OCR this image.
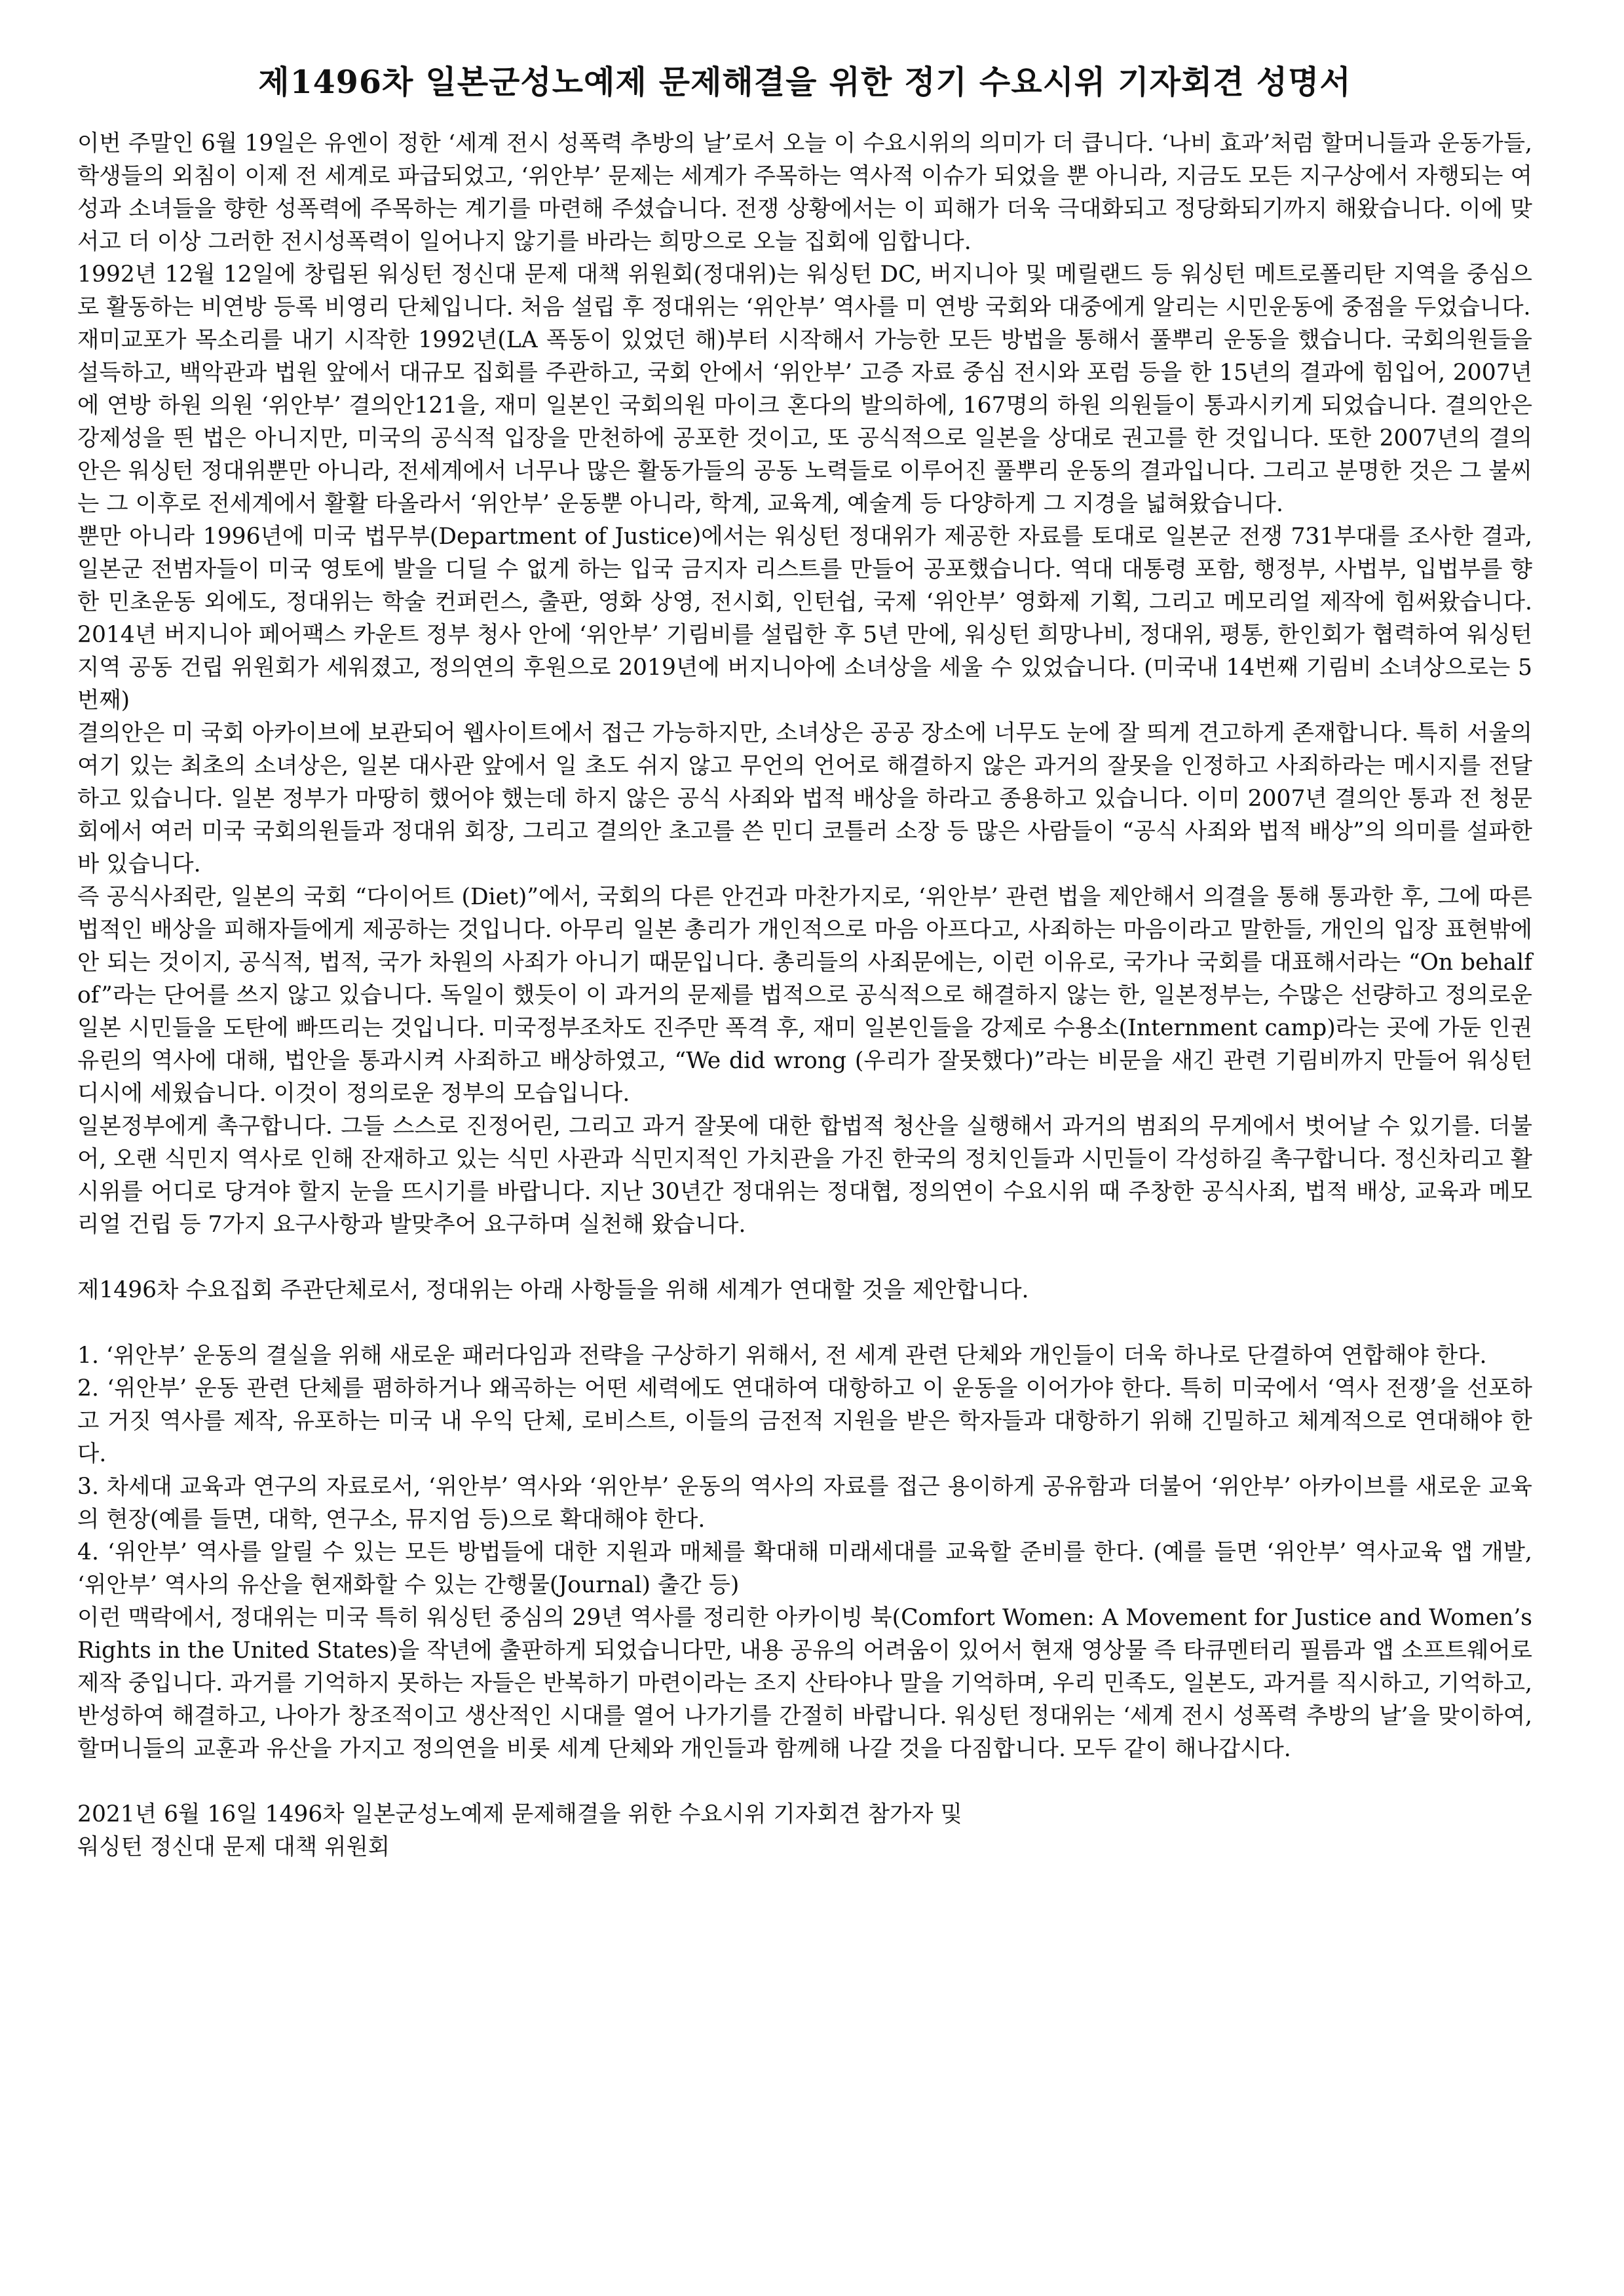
제1496차 일본군성노예제 문제해결을 위한 정기 수요시위 기자회견 성명서

이번 주말인 6월 19일은 유엔이 정한 ‘세계 전시 성폭력 추방의 날’로서 오늘 이 수요시위의 의미가 더 큽니다. ‘나비 효과’처럼 할머니들과 운동가들, 학생들의 외침이 이제 전 세계로 파급되었고, ‘위안부’ 문제는 세계가 주목하는 역사적 이슈가 되었을 뿐 아니라, 지금도 모든 지구상에서 자행되는 여성과 소녀들을 향한 성폭력에 주목하는 계기를 마련해 주셨습니다. 전쟁 상황에서는 이 피해가 더욱 극대화되고 정당화되기까지 해왔습니다. 이에 맞서고 더 이상 그러한 전시성폭력이 일어나지 않기를 바라는 희망으로 오늘 집회에 임합니다.

1992년 12월 12일에 창립된 워싱턴 정신대 문제 대책 위원회(정대위)는 워싱턴 DC, 버지니아 및 메릴랜드 등 워싱턴 메트로폴리탄 지역을 중심으로 활동하는 비연방 등록 비영리 단체입니다. 처음 설립 후 정대위는 ‘위안부’ 역사를 미 연방 국회와 대중에게 알리는 시민운동에 중점을 두었습니다.

재미교포가 목소리를 내기 시작한 1992년(LA 폭동이 있었던 해)부터 시작해서 가능한 모든 방법을 통해서 풀뿌리 운동을 했습니다. 국회의원들을 설득하고, 백악관과 법원 앞에서 대규모 집회를 주관하고, 국회 안에서 ‘위안부’ 고증 자료 중심 전시와 포럼 등을 한 15년의 결과에 힘입어, 2007년에 연방 하원 의원 ‘위안부’ 결의안121을, 재미 일본인 국회의원 마이크 혼다의 발의하에, 167명의 하원 의원들이 통과시키게 되었습니다. 결의안은 강제성을 띈 법은 아니지만, 미국의 공식적 입장을 만천하에 공포한 것이고, 또 공식적으로 일본을 상대로 권고를 한 것입니다. 또한 2007년의 결의안은 워싱턴 정대위뿐만 아니라, 전세계에서 너무나 많은 활동가들의 공동 노력들로 이루어진 풀뿌리 운동의 결과입니다. 그리고 분명한 것은 그 불씨는 그 이후로 전세계에서 활활 타올라서 ‘위안부’ 운동뿐 아니라, 학계, 교육계, 예술계 등 다양하게 그 지경을 넓혀왔습니다.

뿐만 아니라 1996년에 미국 법무부(Department of Justice)에서는 워싱턴 정대위가 제공한 자료를 토대로 일본군 전쟁 731부대를 조사한 결과, 일본군 전범자들이 미국 영토에 발을 디딜 수 없게 하는 입국 금지자 리스트를 만들어 공포했습니다. 역대 대통령 포함, 행정부, 사법부, 입법부를 향한 민초운동 외에도, 정대위는 학술 컨퍼런스, 출판, 영화 상영, 전시회, 인턴쉽, 국제 ‘위안부’ 영화제 기획, 그리고 메모리얼 제작에 힘써왔습니다. 2014년 버지니아 페어팩스 카운트 정부 청사 안에 ‘위안부’ 기림비를 설립한 후 5년 만에, 워싱턴 희망나비, 정대위, 평통, 한인회가 협력하여 워싱턴 지역 공동 건립 위원회가 세워졌고, 정의연의 후원으로 2019년에 버지니아에 소녀상을 세울 수 있었습니다. (미국내 14번째 기림비 소녀상으로는 5번째)

결의안은 미 국회 아카이브에 보관되어 웹사이트에서 접근 가능하지만, 소녀상은 공공 장소에 너무도 눈에 잘 띄게 견고하게 존재합니다. 특히 서울의 여기 있는 최초의 소녀상은, 일본 대사관 앞에서 일 초도 쉬지 않고 무언의 언어로 해결하지 않은 과거의 잘못을 인정하고 사죄하라는 메시지를 전달하고 있습니다. 일본 정부가 마땅히 했어야 했는데 하지 않은 공식 사죄와 법적 배상을 하라고 종용하고 있습니다. 이미 2007년 결의안 통과 전 청문회에서 여러 미국 국회의원들과 정대위 회장, 그리고 결의안 초고를 쓴 민디 코틀러 소장 등 많은 사람들이 “공식 사죄와 법적 배상”의 의미를 설파한 바 있습니다.

즉 공식사죄란, 일본의 국회 “다이어트 (Diet)”에서, 국회의 다른 안건과 마찬가지로, ‘위안부’ 관련 법을 제안해서 의결을 통해 통과한 후, 그에 따른 법적인 배상을 피해자들에게 제공하는 것입니다. 아무리 일본 총리가 개인적으로 마음 아프다고, 사죄하는 마음이라고 말한들, 개인의 입장 표현밖에 안 되는 것이지, 공식적, 법적, 국가 차원의 사죄가 아니기 때문입니다. 총리들의 사죄문에는, 이런 이유로, 국가나 국회를 대표해서라는 “On behalf of”라는 단어를 쓰지 않고 있습니다. 독일이 했듯이 이 과거의 문제를 법적으로 공식적으로 해결하지 않는 한, 일본정부는, 수많은 선량하고 정의로운 일본 시민들을 도탄에 빠뜨리는 것입니다. 미국정부조차도 진주만 폭격 후, 재미 일본인들을 강제로 수용소(Internment camp)라는 곳에 가둔 인권 유린의 역사에 대해, 법안을 통과시켜 사죄하고 배상하였고, “We did wrong (우리가 잘못했다)”라는 비문을 새긴 관련 기림비까지 만들어 워싱턴 디시에 세웠습니다. 이것이 정의로운 정부의 모습입니다.

일본정부에게 촉구합니다. 그들 스스로 진정어린, 그리고 과거 잘못에 대한 합법적 청산을 실행해서 과거의 범죄의 무게에서 벗어날 수 있기를. 더불어, 오랜 식민지 역사로 인해 잔재하고 있는 식민 사관과 식민지적인 가치관을 가진 한국의 정치인들과 시민들이 각성하길 촉구합니다. 정신차리고 활시위를 어디로 당겨야 할지 눈을 뜨시기를 바랍니다. 지난 30년간 정대위는 정대협, 정의연이 수요시위 때 주창한 공식사죄, 법적 배상, 교육과 메모리얼 건립 등 7가지 요구사항과 발맞추어 요구하며 실천해 왔습니다.

제1496차 수요집회 주관단체로서, 정대위는 아래 사항들을 위해 세계가 연대할 것을 제안합니다.

1. ‘위안부’ 운동의 결실을 위해 새로운 패러다임과 전략을 구상하기 위해서, 전 세계 관련 단체와 개인들이 더욱 하나로 단결하여 연합해야 한다.

2. ‘위안부’ 운동 관련 단체를 폄하하거나 왜곡하는 어떤 세력에도 연대하여 대항하고 이 운동을 이어가야 한다. 특히 미국에서 ‘역사 전쟁’을 선포하고 거짓 역사를 제작, 유포하는 미국 내 우익 단체, 로비스트, 이들의 금전적 지원을 받은 학자들과 대항하기 위해 긴밀하고 체계적으로 연대해야 한다.

3. 차세대 교육과 연구의 자료로서, ‘위안부’ 역사와 ‘위안부’ 운동의 역사의 자료를 접근 용이하게 공유함과 더불어 ‘위안부’ 아카이브를 새로운 교육의 현장(예를 들면, 대학, 연구소, 뮤지엄 등)으로 확대해야 한다.

4. ‘위안부’ 역사를 알릴 수 있는 모든 방법들에 대한 지원과 매체를 확대해 미래세대를 교육할 준비를 한다. (예를 들면 ‘위안부’ 역사교육 앱 개발, ‘위안부’ 역사의 유산을 현재화할 수 있는 간행물(Journal) 출간 등)

이런 맥락에서, 정대위는 미국 특히 워싱턴 중심의 29년 역사를 정리한 아카이빙 북(Comfort Women: A Movement for Justice and Women’s Rights in the United States)을 작년에 출판하게 되었습니다만, 내용 공유의 어려움이 있어서 현재 영상물 즉 타큐멘터리 필름과 앱 소프트웨어로 제작 중입니다. 과거를 기억하지 못하는 자들은 반복하기 마련이라는 조지 산타야나 말을 기억하며, 우리 민족도, 일본도, 과거를 직시하고, 기억하고, 반성하여 해결하고, 나아가 창조적이고 생산적인 시대를 열어 나가기를 간절히 바랍니다. 워싱턴 정대위는 ‘세계 전시 성폭력 추방의 날’을 맞이하여, 할머니들의 교훈과 유산을 가지고 정의연을 비롯 세계 단체와 개인들과 함께해 나갈 것을 다짐합니다. 모두 같이 해나갑시다.

2021년 6월 16일 1496차 일본군성노예제 문제해결을 위한 수요시위 기자회견 참가자 및

워싱턴 정신대 문제 대책 위원회
